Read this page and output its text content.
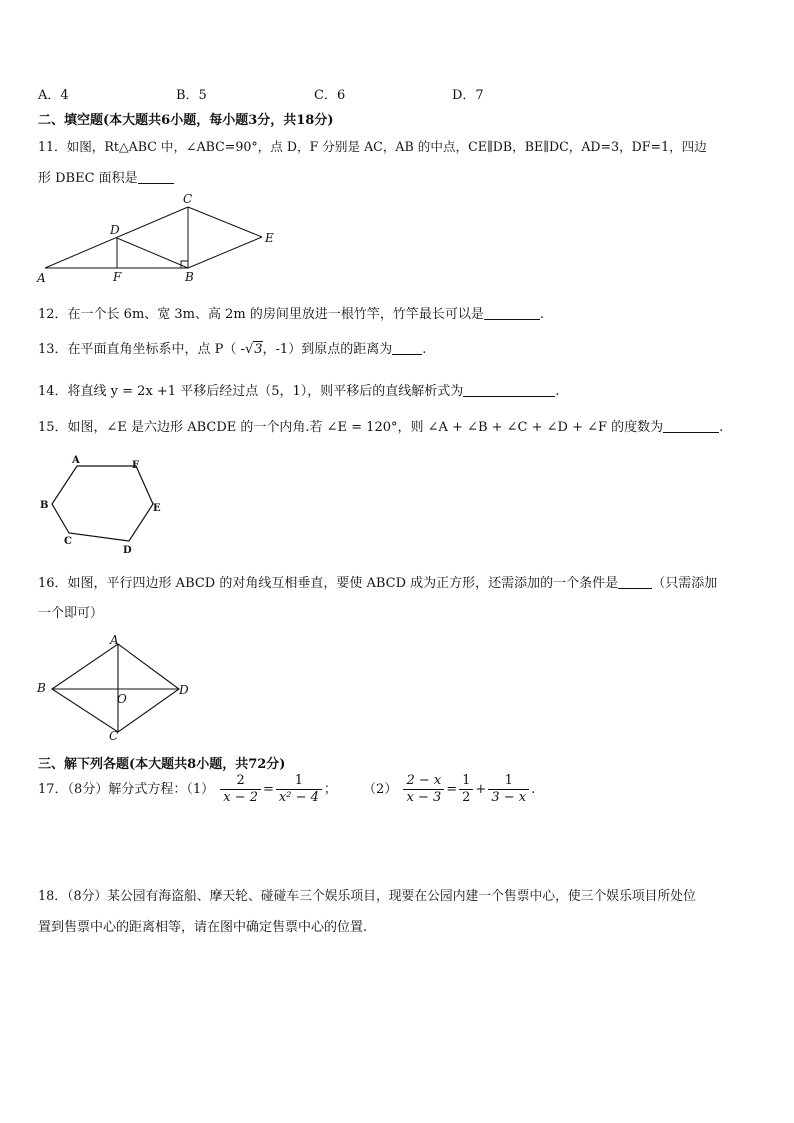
A．4	B．5	C．6	D．7
二、填空题(本大题共6小题，每小题3分，共18分)
11．如图，Rt△ABC 中，∠ABC=90°，点 D，F 分别是 AC，AB 的中点，CE∥DB，BE∥DC，AD=3，DF=1，四边
形 DBEC 面积是
C
D
E
A	F	B
12．在一个长 6m、宽 3m、高 2m 的房间里放进一根竹竿，竹竿最长可以是	.
13．在平面直角坐标系中，点 P（ -√3，-1）到原点的距离为 .
14．将直线 y = 2x +1 平移后经过点（5，1），则平移后的直线解析式为	.
15．如图，∠E 是六边形 ABCDE 的一个内角.若 ∠E = 120°，则 ∠A + ∠B + ∠C + ∠D + ∠F 的度数为	.
A	F
B	E
C
D
16．如图，平行四边形 ABCD 的对角线互相垂直，要使 ABCD 成为正方形，还需添加的一个条件是	（只需添加
一个即可）
A
B	D
O
C
三、解下列各题(本大题共8小题，共72分)
17．（8分）解分式方程：$(1) \frac{2}{x - 2} = \frac{1}{\text{x² − 4}}$ ； $(2) \frac{2 - x}{x - 3} = \frac{1}{2} + \frac{1}{3 - x}$ .
18．（8分）某公园有海盗船、摩天轮、碰碰车三个娱乐项目，现要在公园内建一个售票中心，使三个娱乐项目所处位
置到售票中心的距离相等，请在图中确定售票中心的位置.
